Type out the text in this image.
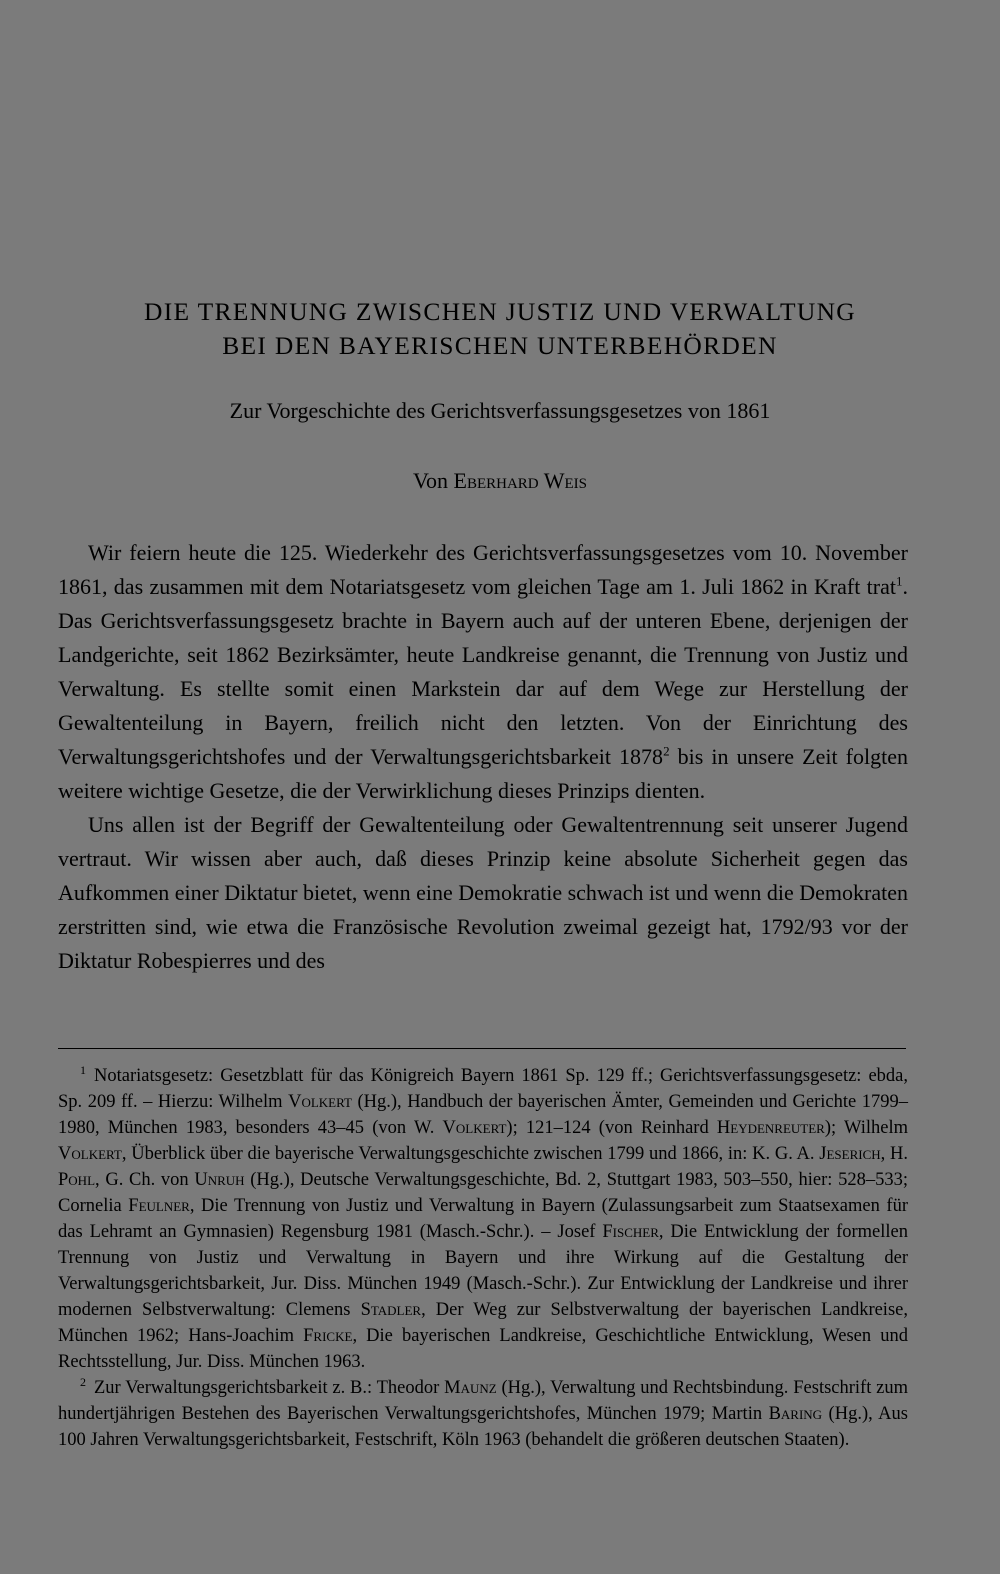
DIE TRENNUNG ZWISCHEN JUSTIZ UND VERWALTUNG
BEI DEN BAYERISCHEN UNTERBEHÖRDEN
Zur Vorgeschichte des Gerichtsverfassungsgesetzes von 1861
Von Eberhard Weis

Wir feiern heute die 125. Wiederkehr des Gerichtsverfassungsgesetzes vom 10. November 1861, das zusammen mit dem Notariatsgesetz vom gleichen Tage am 1. Juli 1862 in Kraft trat$^1$. Das Gerichtsverfassungsgesetz brachte in Bayern auch auf der unteren Ebene, derjenigen der Landgerichte, seit 1862 Bezirksämter, heute Landkreise genannt, die Trennung von Justiz und Verwaltung. Es stellte somit einen Markstein dar auf dem Wege zur Herstellung der Gewaltenteilung in Bayern, freilich nicht den letzten. Von der Einrichtung des Verwaltungsgerichtshofes und der Verwaltungsgerichtsbarkeit 1878$^2$ bis in unsere Zeit folgten weitere wichtige Gesetze, die der Verwirklichung dieses Prinzips dienten.

Uns allen ist der Begriff der Gewaltenteilung oder Gewaltentrennung seit unserer Jugend vertraut. Wir wissen aber auch, daß dieses Prinzip keine absolute Sicherheit gegen das Aufkommen einer Diktatur bietet, wenn eine Demokratie schwach ist und wenn die Demokraten zerstritten sind, wie etwa die Französische Revolution zweimal gezeigt hat, 1792/93 vor der Diktatur Robespierres und des

$^1$ Notariatsgesetz: Gesetzblatt für das Königreich Bayern 1861 Sp. 129 ff.; Gerichtsverfassungsgesetz: ebda, Sp. 209 ff. – Hierzu: Wilhelm Volkert (Hg.), Handbuch der bayerischen Ämter, Gemeinden und Gerichte 1799–1980, München 1983, besonders 43–45 (von W. Volkert); 121–124 (von Reinhard Heydenreuter); Wilhelm Volkert, Überblick über die bayerische Verwaltungsgeschichte zwischen 1799 und 1866, in: K. G. A. Jeserich, H. Pohl, G. Ch. von Unruh (Hg.), Deutsche Verwaltungsgeschichte, Bd. 2, Stuttgart 1983, 503–550, hier: 528–533; Cornelia Feulner, Die Trennung von Justiz und Verwaltung in Bayern (Zulassungsarbeit zum Staatsexamen für das Lehramt an Gymnasien) Regensburg 1981 (Masch.-Schr.). – Josef Fischer, Die Entwicklung der formellen Trennung von Justiz und Verwaltung in Bayern und ihre Wirkung auf die Gestaltung der Verwaltungsgerichtsbarkeit, Jur. Diss. München 1949 (Masch.-Schr.). Zur Entwicklung der Landkreise und ihrer modernen Selbstverwaltung: Clemens Stadler, Der Weg zur Selbstverwaltung der bayerischen Landkreise, München 1962; Hans-Joachim Fricke, Die bayerischen Landkreise, Geschichtliche Entwicklung, Wesen und Rechtsstellung, Jur. Diss. München 1963.

$^2$ Zur Verwaltungsgerichtsbarkeit z. B.: Theodor Maunz (Hg.), Verwaltung und Rechtsbindung. Festschrift zum hundertjährigen Bestehen des Bayerischen Verwaltungsgerichtshofes, München 1979; Martin Baring (Hg.), Aus 100 Jahren Verwaltungsgerichtsbarkeit, Festschrift, Köln 1963 (behandelt die größeren deutschen Staaten).
